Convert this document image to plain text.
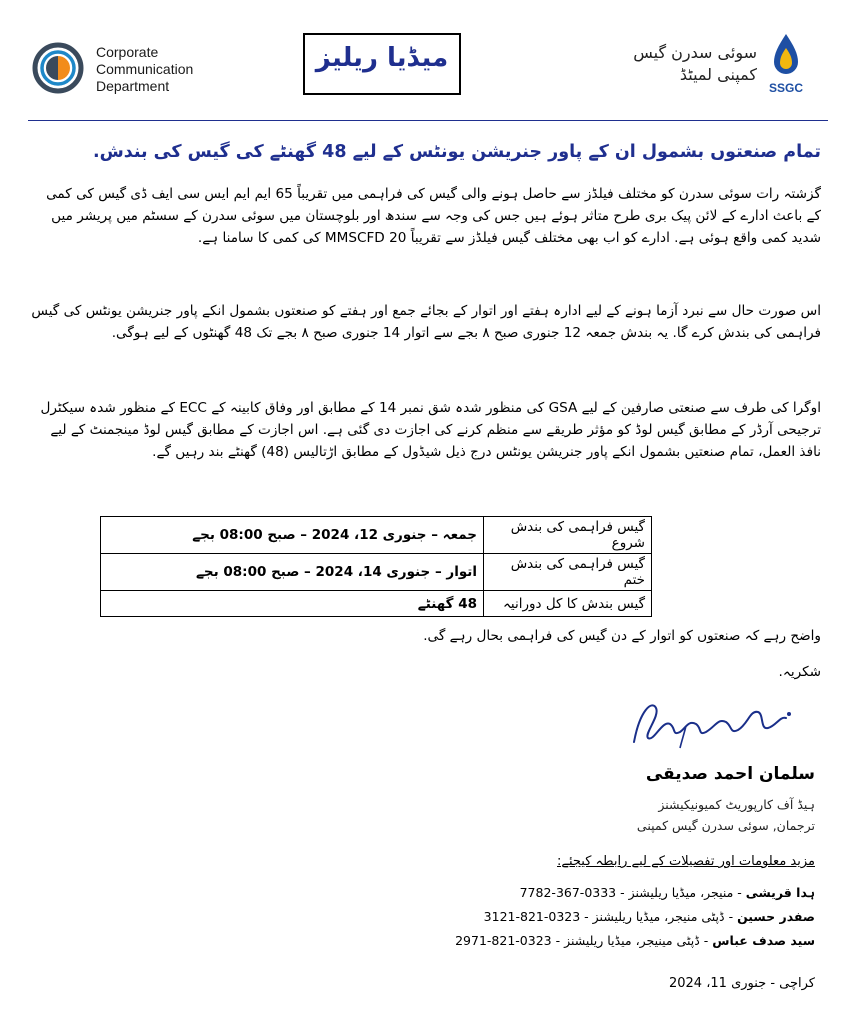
Corporate
Communication
Department
میڈیا ریلیز	سوئی سدرن گیس
کمپنی لمیٹڈ
SSGC
تمام صنعتوں بشمول ان کے پاور جنریشن یونٹس کے لیے 48 گھنٹے کی گیس کی بندش.
گزشتہ رات سوئی سدرن کو مختلف فیلڈز سے حاصل ہونے والی گیس کی فراہمی میں تقریباً 65 ایم ایم ایس سی ایف ڈی گیس کی کمی کے باعث ادارے کے لائن پیک بری طرح متاثر ہوئے ہیں جس کی وجہ سے سندھ اور بلوچستان میں سوئی سدرن کے سسٹم میں پریشر میں شدید کمی واقع ہوئی ہے. ادارے کو اب بھی مختلف گیس فیلڈز سے تقریباً 20 MMSCFD کی کمی کا سامنا ہے.
اس صورت حال سے نبرد آزما ہونے کے لیے ادارہ ہفتے اور اتوار کے بجائے جمع اور ہفتے کو صنعتوں بشمول انکے پاور جنریشن یونٹس کی گیس فراہمی کی بندش کرے گا. یہ بندش جمعہ 12 جنوری صبح ۸ بجے سے اتوار 14 جنوری صبح ۸ بجے تک 48 گھنٹوں کے لیے ہوگی.
اوگرا کی طرف سے صنعتی صارفین کے لیے GSA کی منظور شدہ شق نمبر 14 کے مطابق اور وفاق کابینہ کے ECC کے منظور شدہ سیکٹرل ترجیحی آرڈر کے مطابق گیس لوڈ کو مؤثر طریقے سے منظم کرنے کی اجازت دی گئی ہے. اس اجازت کے مطابق گیس لوڈ مینجمنٹ کے لیے نافذ العمل، تمام صنعتیں بشمول انکے پاور جنریشن یونٹس درج ذیل شیڈول کے مطابق اڑتالیس (48) گھنٹے بند رہیں گے.
گیس فراہمی کی بندش شروع	جمعہ – جنوری 12، 2024 – صبح 08:00 بجے
گیس فراہمی کی بندش ختم	اتوار – جنوری 14، 2024 – صبح 08:00 بجے
گیس بندش کا کل دورانیہ	48 گھنٹے
واضح رہے کہ صنعتوں کو اتوار کے دن گیس کی فراہمی بحال رہے گی.
شکریہ.
سلمان احمد صدیقی
ہیڈ آف کارپوریٹ کمیونیکیشنز
ترجمان, سوئی سدرن گیس کمپنی
مزید معلومات اور تفصیلات کے لیے رابطہ کیجئے:
ہدا قریشی - منیجر، میڈیا ریلیشنز - 0333-367-7782
صفدر حسین - ڈپٹی منیجر، میڈیا ریلیشنز - 0323-821-3121
سید صدف عباس - ڈپٹی مینیجر، میڈیا ریلیشنز - 0323-821-2971
کراچی - جنوری 11، 2024
